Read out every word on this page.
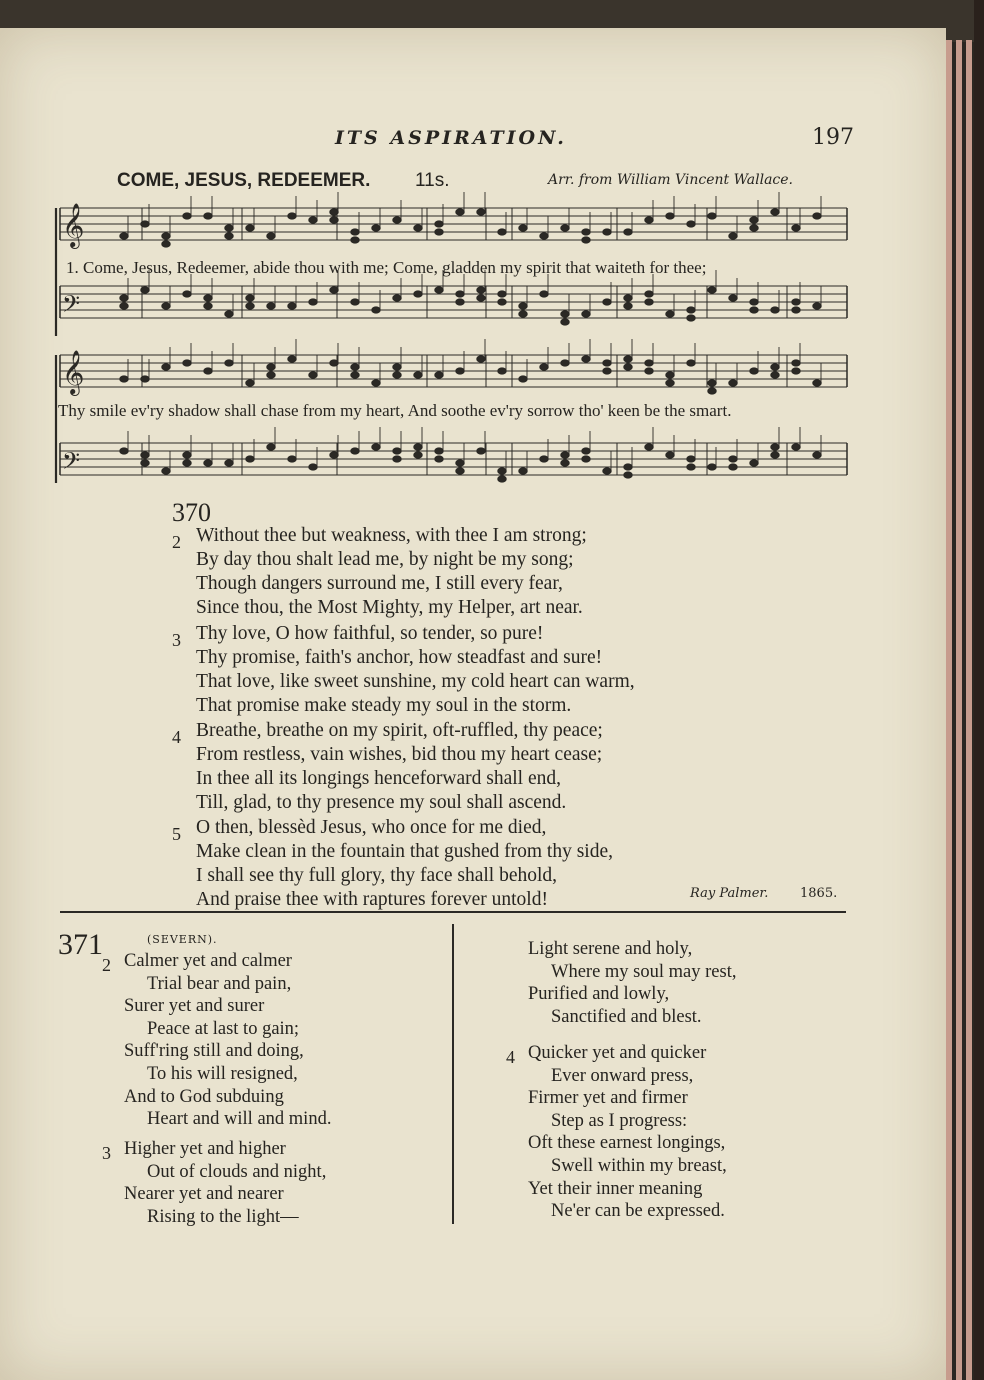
ITS ASPIRATION.	197
COME, JESUS, REDEEMER. 11s.	Arr. from William Vincent Wallace.
𝄞
𝄢
𝄞
𝄢
1. Come, Jesus, Redeemer, abide thou with me; Come, gladden my spirit that waiteth for thee;
Thy smile ev'ry shadow shall chase from my heart, And soothe ev'ry sorrow tho' keen be the smart.
370
2 Without thee but weakness, with thee I am strong;
By day thou shalt lead me, by night be my song;
Though dangers surround me, I still every fear,
Since thou, the Most Mighty, my Helper, art near.
3 Thy love, O how faithful, so tender, so pure!
Thy promise, faith's anchor, how steadfast and sure!
That love, like sweet sunshine, my cold heart can warm,
That promise make steady my soul in the storm.
4 Breathe, breathe on my spirit, oft-ruffled, thy peace;
From restless, vain wishes, bid thou my heart cease;
In thee all its longings henceforward shall end,
Till, glad, to thy presence my soul shall ascend.
5 O then, blessèd Jesus, who once for me died,
Make clean in the fountain that gushed from thy side,
I shall see thy full glory, thy face shall behold,
And praise thee with raptures forever untold!	Ray Palmer. 1865.
371	(SEVERN).
2 Calmer yet and calmer
Trial bear and pain,
Surer yet and surer
Peace at last to gain;
Suff'ring still and doing,
To his will resigned,
And to God subduing
Heart and will and mind.
3 Higher yet and higher
Out of clouds and night,
Nearer yet and nearer
Rising to the light—
Light serene and holy,
Where my soul may rest,
Purified and lowly,
Sanctified and blest.
4 Quicker yet and quicker
Ever onward press,
Firmer yet and firmer
Step as I progress:
Oft these earnest longings,
Swell within my breast,
Yet their inner meaning
Ne'er can be expressed.
